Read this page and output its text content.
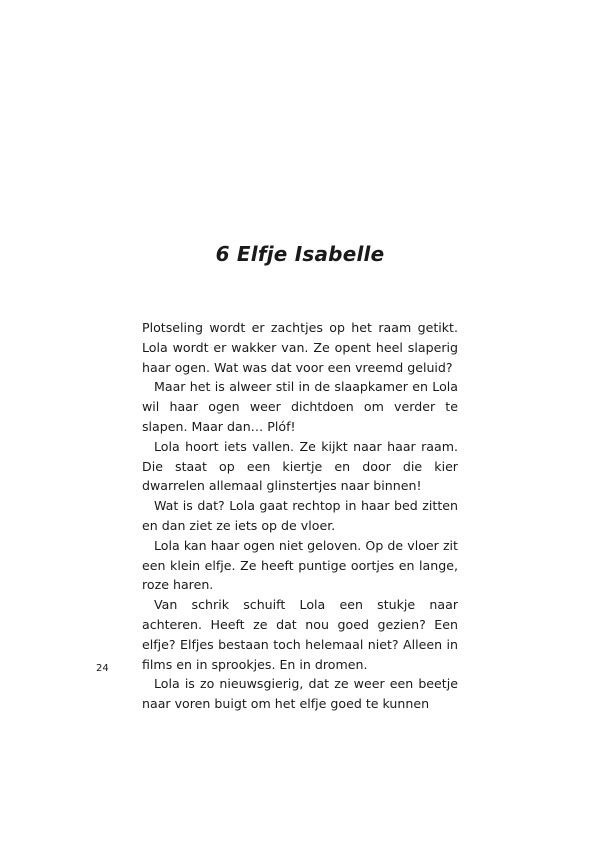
6 Elfje Isabelle

Plotseling wordt er zachtjes op het raam getikt. Lola wordt er wakker van. Ze opent heel slaperig haar ogen. Wat was dat voor een vreemd geluid?

Maar het is alweer stil in de slaapkamer en Lola wil haar ogen weer dichtdoen om verder te slapen. Maar dan… Plóf!

Lola hoort iets vallen. Ze kijkt naar haar raam. Die staat op een kiertje en door die kier dwarrelen allemaal glinstertjes naar binnen!

Wat is dat? Lola gaat rechtop in haar bed zitten en dan ziet ze iets op de vloer.

Lola kan haar ogen niet geloven. Op de vloer zit een klein elfje. Ze heeft puntige oortjes en lange, roze haren.

Van schrik schuift Lola een stukje naar achteren. Heeft ze dat nou goed gezien? Een elfje? Elfjes bestaan toch helemaal niet? Alleen in films en in sprookjes. En in dromen.

Lola is zo nieuwsgierig, dat ze weer een beetje naar voren buigt om het elfje goed te kunnen

24
